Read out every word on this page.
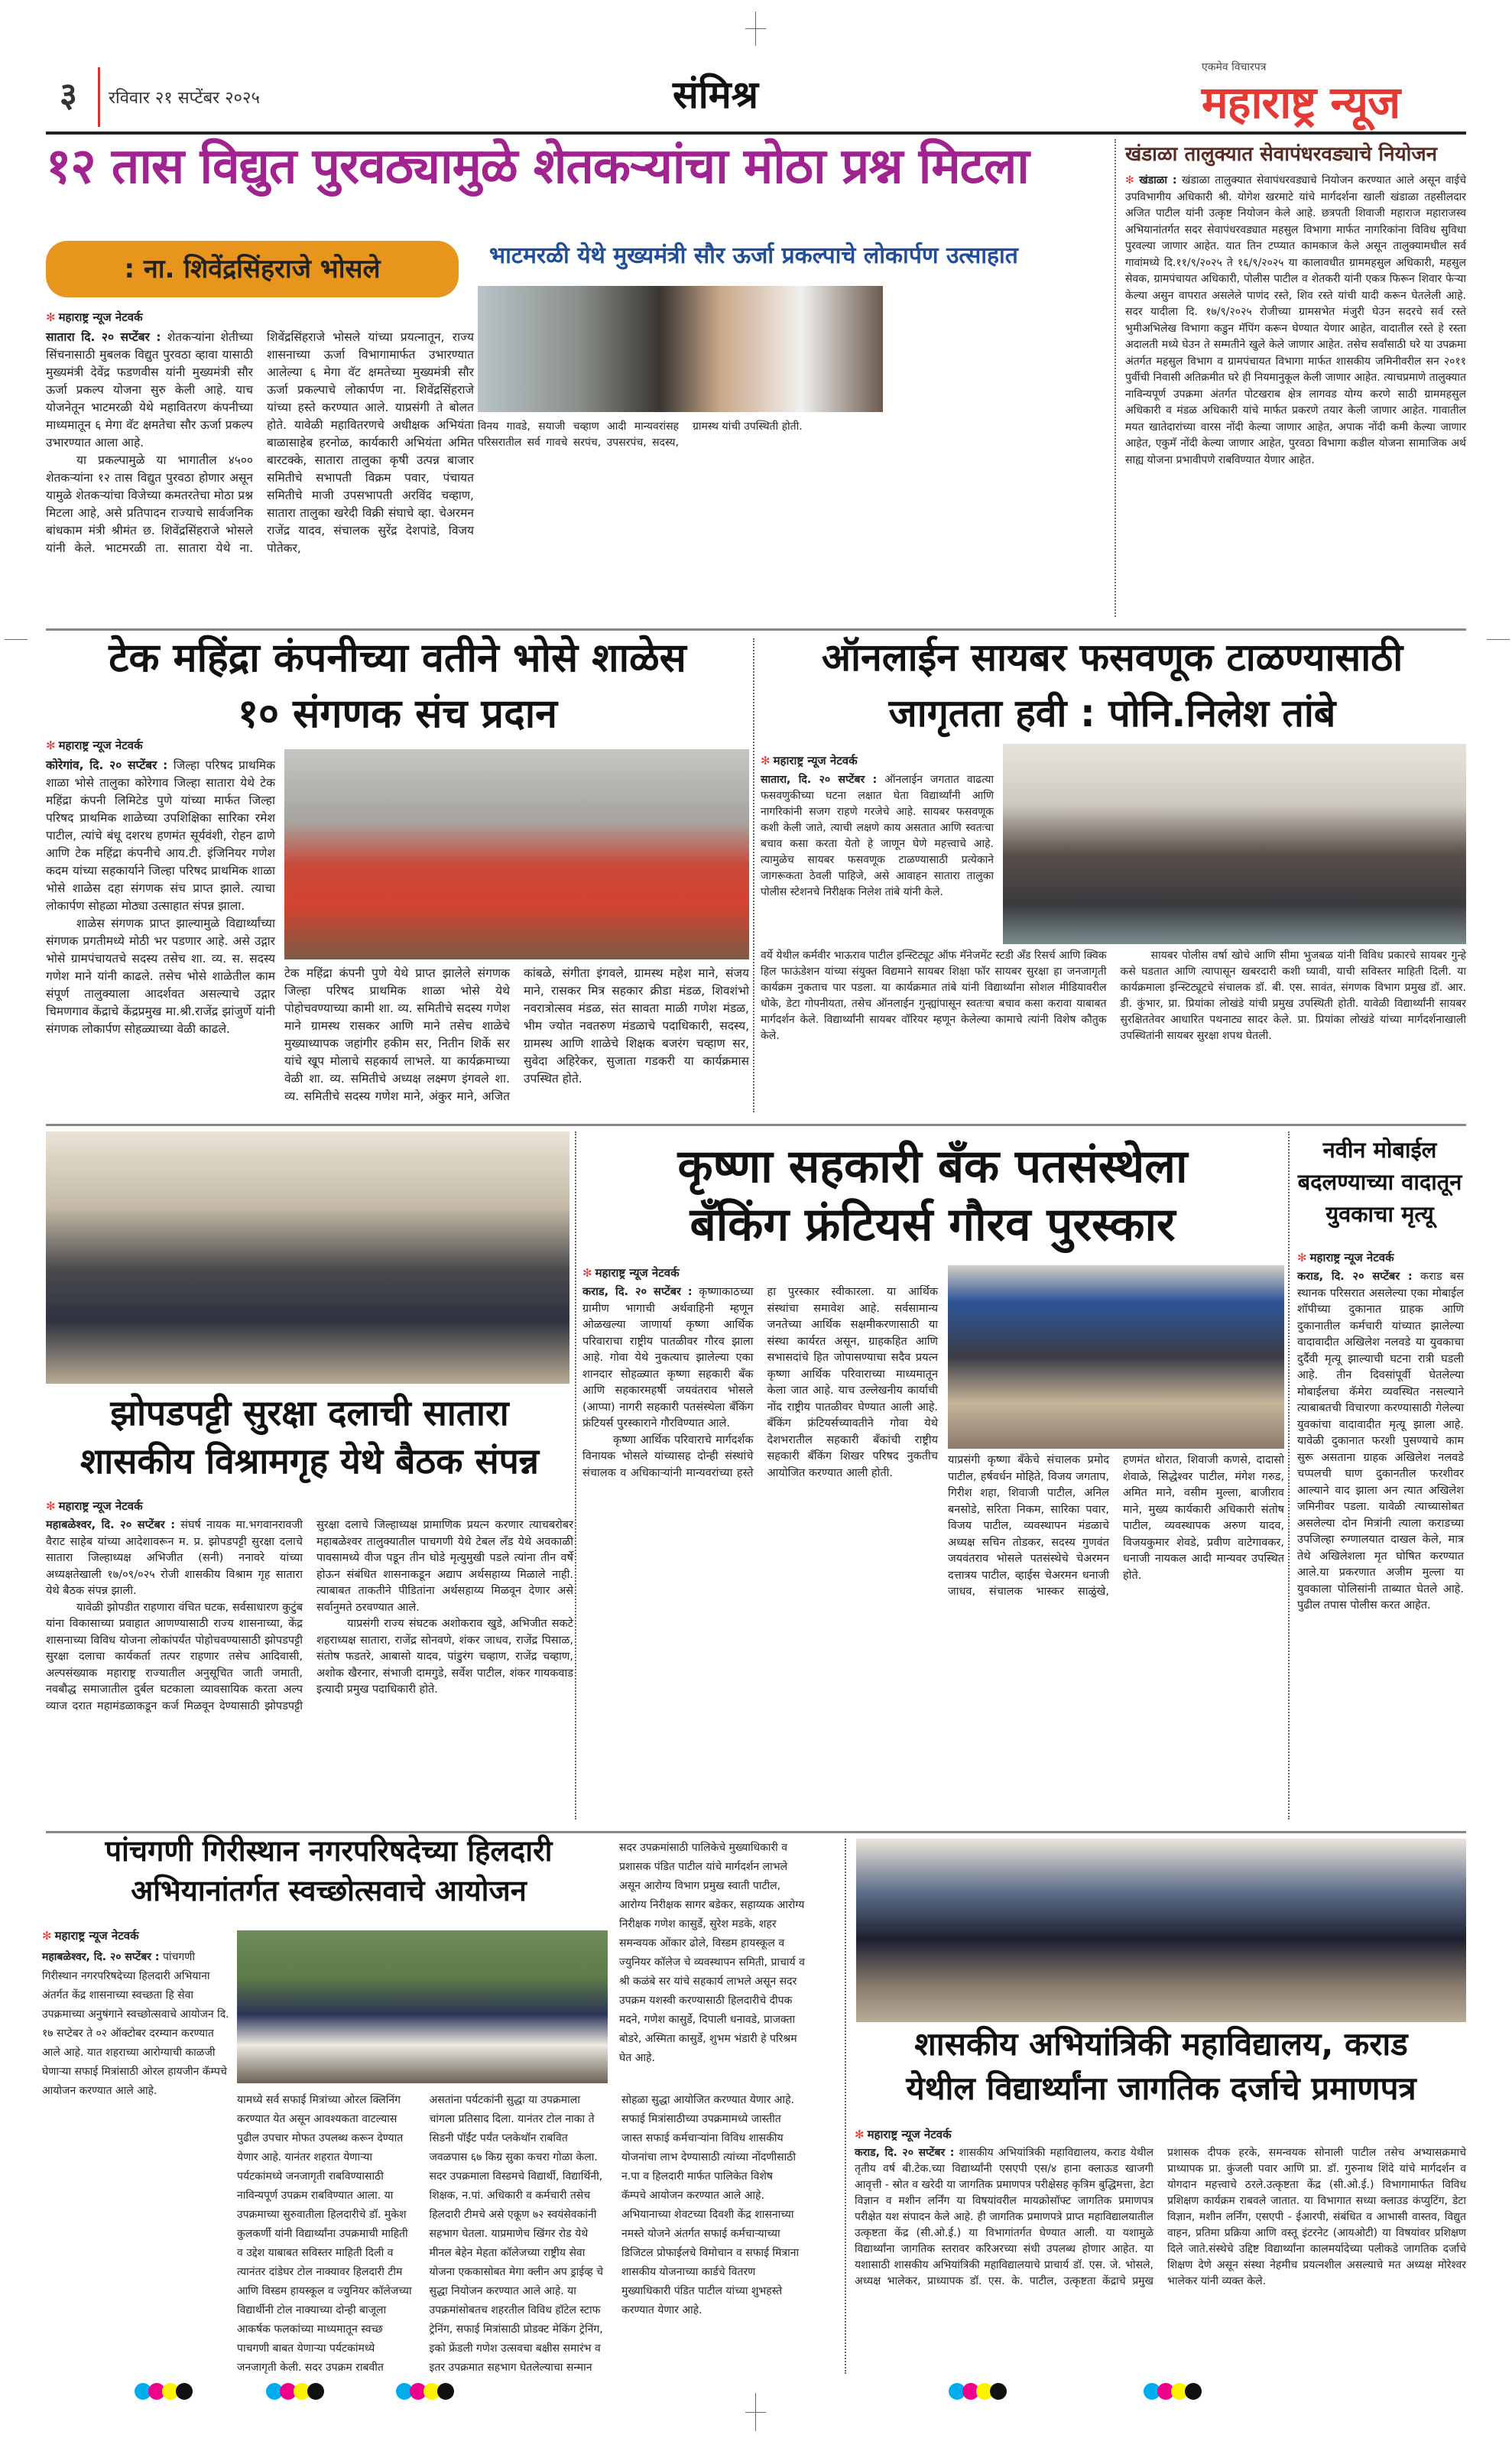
३ रविवार २१ सप्टेंबर २०२५	संमिश्र
एकमेव विचारपत्र
महाराष्ट्र न्यूज
१२ तास विद्युत पुरवठ्यामुळे शेतकऱ्यांचा मोठा प्रश्न मिटला
: ना. शिवेंद्रसिंहराजे भोसले	भाटमरळी येथे मुख्यमंत्री सौर ऊर्जा प्रकल्पाचे लोकार्पण उत्साहात
✻ महाराष्ट्र न्यूज नेटवर्क

सातारा दि. २० सप्टेंबर : शेतकऱ्यांना शेतीच्या सिंचनासाठी मुबलक विद्युत पुरवठा व्हावा यासाठी मुख्यमंत्री देवेंद्र फडणवीस यांनी मुख्यमंत्री सौर ऊर्जा प्रकल्प योजना सुरु केली आहे. याच योजनेतून भाटमरळी येथे महावितरण कंपनीच्या माध्यमातून ६ मेगा वॅट क्षमतेचा सौर ऊर्जा प्रकल्प उभारण्यात आला आहे.

या प्रकल्पामुळे या भागातील ४५०० शेतकऱ्यांना १२ तास विद्युत पुरवठा होणार असून यामुळे शेतकऱ्यांचा विजेच्या कमतरतेचा मोठा प्रश्न मिटला आहे, असे प्रतिपादन राज्याचे सार्वजनिक बांधकाम मंत्री श्रीमंत छ. शिवेंद्रसिंहराजे भोसले यांनी केले. भाटमरळी ता. सातारा येथे ना. शिवेंद्रसिंहराजे भोसले यांच्या प्रयत्नातून, राज्य शासनाच्या ऊर्जा विभागामार्फत उभारण्यात आलेल्या ६ मेगा वॅट क्षमतेच्या मुख्यमंत्री सौर ऊर्जा प्रकल्पाचे लोकार्पण ना. शिवेंद्रसिंहराजे यांच्या हस्ते करण्यात आले. याप्रसंगी ते बोलत होते. यावेळी महावितरणचे अधीक्षक अभियंता बाळासाहेब हरनोळ, कार्यकारी अभियंता अमित बारटक्के, सातारा तालुका कृषी उत्पन्न बाजार समितीचे सभापती विक्रम पवार, पंचायत समितीचे माजी उपसभापती अरविंद चव्हाण, सातारा तालुका खरेदी विक्री संघाचे व्हा. चेअरमन राजेंद्र यादव, संचालक सुरेंद्र देशपांडे, विजय पोतेकर,

विनय गावडे, सयाजी चव्हाण आदी मान्यवरांसह परिसरातील सर्व गावचे सरपंच, उपसरपंच, सदस्य, ग्रामस्थ यांची उपस्थिती होती.

खंडाळा तालुक्यात सेवापंधरवड्याचे नियोजन

✻ खंडाळा : खंडाळा तालुक्यात सेवापंधरवड्याचे नियोजन करण्यात आले असून वाईचे उपविभागीय अधिकारी श्री. योगेश खरमाटे यांचे मार्गदर्शना खाली खंडाळा तहसीलदार अजित पाटील यांनी उत्कृष्ट नियोजन केले आहे. छत्रपती शिवाजी महाराज महाराजस्व अभियानांतर्गत सदर सेवापंधरवड्यात महसुल विभागा मार्फत नागरिकांना विविध सुविधा पुरवल्या जाणार आहेत. यात तिन टप्प्यात कामकाज केले असून तालुक्यामधील सर्व गावांमध्ये दि.११/९/२०२५ ते १६/९/२०२५ या कालावधीत ग्राममहसुल अधिकारी, महसुल सेवक, ग्रामपंचायत अधिकारी, पोलीस पाटील व शेतकरी यांनी एकत्र फिरून शिवार फेऱ्या केल्या असुन वापरात असलेले पाणंद रस्ते, शिव रस्ते यांची यादी करून घेतलेली आहे. सदर यादीला दि. १७/९/२०२५ रोजीच्या ग्रामसभेत मंजुरी घेउन सदरचे सर्व रस्ते भुमीअभिलेख विभागा कडुन मॅपिंग करून घेण्यात येणार आहेत, वादातील रस्ते हे रस्ता अदालती मध्ये घेउन ते सम्मतीने खुले केले जाणार आहेत. तसेच सर्वांसाठी घरे या उपक्रमा अंतर्गत महसुल विभाग व ग्रामपंचायत विभागा मार्फत शासकीय जमिनीवरील सन २०११ पुर्वीची निवासी अतिक्रमीत घरे ही नियमानुकूल केली जाणार आहेत. त्याचप्रमाणे तालुक्यात नाविन्यपूर्ण उपक्रमा अंतर्गत पोटखराब क्षेत्र लागवड योग्य करणे साठी ग्राममहसुल अधिकारी व मंडळ अधिकारी यांचे मार्फत प्रकरणे तयार केली जाणार आहेत. गावातील मयत खातेदारांच्या वारस नोंदी केल्या जाणार आहेत, अपाक नोंदी कमी केल्या जाणार आहेत, एकुमॅ नोंदी केल्या जाणार आहेत, पुरवठा विभागा कडील योजना सामाजिक अर्थ साह्य योजना प्रभावीपणे राबविण्यात येणार आहेत.

टेक महिंद्रा कंपनीच्या वतीने भोसे शाळेस
१० संगणक संच प्रदान
✻ महाराष्ट्र न्यूज नेटवर्क

कोरेगांव, दि. २० सप्टेंबर : जिल्हा परिषद प्राथमिक शाळा भोसे तालुका कोरेगाव जिल्हा सातारा येथे टेक महिंद्रा कंपनी लिमिटेड पुणे यांच्या मार्फत जिल्हा परिषद प्राथमिक शाळेच्या उपशिक्षिका सारिका रमेश पाटील, त्यांचे बंधू दशरथ हणमंत सूर्यवंशी, रोहन ढाणे आणि टेक महिंद्रा कंपनीचे आय.टी. इंजिनियर गणेश कदम यांच्या सहकार्याने जिल्हा परिषद प्राथमिक शाळा भोसे शाळेस दहा संगणक संच प्राप्त झाले. त्याचा लोकार्पण सोहळा मोठ्या उत्साहात संपन्न झाला.

शाळेस संगणक प्राप्त झाल्यामुळे विद्यार्थ्यांच्या संगणक प्रगतीमध्ये मोठी भर पडणार आहे. असे उद्गार भोसे ग्रामपंचायतचे सदस्य तसेच शा. व्य. स. सदस्य गणेश माने यांनी काढले. तसेच भोसे शाळेतील काम संपूर्ण तालुक्याला आदर्शवत असल्याचे उद्गार चिमणगाव केंद्राचे केंद्रप्रमुख मा.श्री.राजेंद्र झांजुर्णे यांनी संगणक लोकार्पण सोहळ्याच्या वेळी काढले.

टेक महिंद्रा कंपनी पुणे येथे प्राप्त झालेले संगणक जिल्हा परिषद प्राथमिक शाळा भोसे येथे पोहोचवण्याच्या कामी शा. व्य. समितीचे सदस्य गणेश माने ग्रामस्थ रासकर आणि माने तसेच शाळेचे मुख्याध्यापक जहांगीर हकीम सर, नितीन शिर्के सर यांचे खूप मोलाचे सहकार्य लाभले. या कार्यक्रमाच्या वेळी शा. व्य. समितीचे अध्यक्ष लक्ष्मण इंगवले शा. व्य. समितीचे सदस्य गणेश माने, अंकुर माने, अजित कांबळे, संगीता इंगवले, ग्रामस्थ महेश माने, संजय माने, रासकर मित्र सहकार क्रीडा मंडळ, शिवशंभो नवरात्रोत्सव मंडळ, संत सावता माळी गणेश मंडळ, भीम ज्योत नवतरुण मंडळाचे पदाधिकारी, सदस्य, ग्रामस्थ आणि शाळेचे शिक्षक बजरंग चव्हाण सर, सुवेदा अहिरेकर, सुजाता गडकरी या कार्यक्रमास उपस्थित होते.

ऑनलाईन सायबर फसवणूक टाळण्यासाठी
जागृतता हवी : पोनि.निलेश तांबे
✻ महाराष्ट्र न्यूज नेटवर्क

सातारा, दि. २० सप्टेंबर : ऑनलाईन जगतात वाढत्या फसवणुकीच्या घटना लक्षात घेता विद्यार्थ्यांनी आणि नागरिकांनी सजग राहणे गरजेचे आहे. सायबर फसवणूक कशी केली जाते, त्याची लक्षणे काय असतात आणि स्वतःचा बचाव कसा करता येतो हे जाणून घेणे महत्त्वाचे आहे. त्यामुळेच सायबर फसवणूक टाळण्यासाठी प्रत्येकाने जागरूकता ठेवली पाहिजे, असे आवाहन सातारा तालुका पोलीस स्टेशनचे निरीक्षक निलेश तांबे यांनी केले.

वर्ये येथील कर्मवीर भाऊराव पाटील इन्स्टिट्यूट ऑफ मॅनेजमेंट स्टडी अँड रिसर्च आणि क्विक हिल फाऊंडेशन यांच्या संयुक्त विद्यमाने सायबर शिक्षा फॉर सायबर सुरक्षा हा जनजागृती कार्यक्रम नुकताच पार पडला. या कार्यक्रमात तांबे यांनी विद्यार्थ्यांना सोशल मीडियावरील धोके, डेटा गोपनीयता, तसेच ऑनलाईन गुन्ह्यांपासून स्वतःचा बचाव कसा करावा याबाबत मार्गदर्शन केले. विद्यार्थ्यांनी सायबर वॉरियर म्हणून केलेल्या कामाचे त्यांनी विशेष कौतुक केले.

सायबर पोलीस वर्षा खोचे आणि सीमा भुजबळ यांनी विविध प्रकारचे सायबर गुन्हे कसे घडतात आणि त्यापासून खबरदारी कशी घ्यावी, याची सविस्तर माहिती दिली. या कार्यक्रमाला इन्स्टिट्यूटचे संचालक डॉ. बी. एस. सावंत, संगणक विभाग प्रमुख डॉ. आर. डी. कुंभार, प्रा. प्रियांका लोखंडे यांची प्रमुख उपस्थिती होती. यावेळी विद्यार्थ्यांनी सायबर सुरक्षिततेवर आधारित पथनाट्य सादर केले. प्रा. प्रियांका लोखंडे यांच्या मार्गदर्शनाखाली उपस्थितांनी सायबर सुरक्षा शपथ घेतली.

झोपडपट्टी सुरक्षा दलाची सातारा
शासकीय विश्रामगृह येथे बैठक संपन्न
✻ महाराष्ट्र न्यूज नेटवर्क

महाबळेश्वर, दि. २० सप्टेंबर : संघर्ष नायक मा.भगवानरावजी वैराट साहेब यांच्या आदेशावरून म. प्र. झोपडपट्टी सुरक्षा दलाचे सातारा जिल्हाध्यक्ष अभिजीत (सनी) ननावरे यांच्या अध्यक्षतेखाली १७/०९/०२५ रोजी शासकीय विश्राम गृह सातारा येथे बैठक संपन्न झाली.

यावेळी झोपडीत राहणारा वंचित घटक, सर्वसाधारण कुटुंब यांना विकासाच्या प्रवाहात आणण्यासाठी राज्य शासनाच्या, केंद्र शासनाच्या विविध योजना लोकांपर्यंत पोहोचवण्यासाठी झोपडपट्टी सुरक्षा दलाचा कार्यकर्ता तत्पर राहणार तसेच आदिवासी, अल्पसंख्याक महाराष्ट्र राज्यातील अनुसूचित जाती जमाती, नवबौद्ध समाजातील दुर्बल घटकाला व्यावसायिक करता अल्प व्याज दरात महामंडळाकडून कर्ज मिळवून देण्यासाठी झोपडपट्टी सुरक्षा दलाचे जिल्हाध्यक्ष प्रामाणिक प्रयत्न करणार त्याचबरोबर महाबळेश्वर तालुक्यातील पाचगणी येथे टेबल लँड येथे अवकाळी पावसामध्ये वीज पडून तीन घोडे मृत्युमुखी पडले त्यांना तीन वर्षे होऊन संबंधित शासनाकडून अद्याप अर्थसहाय्य मिळाले नाही. त्याबाबत ताकतीने पीडितांना अर्थसहाय्य मिळवून देणार असे सर्वानुमते ठरवण्यात आले.

याप्रसंगी राज्य संघटक अशोकराव खुडे, अभिजीत सकटे शहराध्यक्ष सातारा, राजेंद्र सोनवणे, शंकर जाधव, राजेंद्र पिसाळ, संतोष फडतरे, आबासो यादव, पांडुरंग चव्हाण, राजेंद्र चव्हाण, अशोक खैरनार, संभाजी दामगुडे, सर्वेश पाटील, शंकर गायकवाड इत्यादी प्रमुख पदाधिकारी होते.

कृष्णा सहकारी बँक पतसंस्थेला
बँकिंग फ्रंटियर्स गौरव पुरस्कार
✻ महाराष्ट्र न्यूज नेटवर्क

कराड, दि. २० सप्टेंबर : कृष्णाकाठच्या ग्रामीण भागाची अर्थवाहिनी म्हणून ओळखल्या जाणार्या कृष्णा आर्थिक परिवाराचा राष्ट्रीय पातळीवर गौरव झाला आहे. गोवा येथे नुकत्याच झालेल्या एका शानदार सोहळ्यात कृष्णा सहकारी बँक आणि सहकारमहर्षी जयवंतराव भोसले (आप्पा) नागरी सहकारी पतसंस्थेला बँकिंग फ्रंटियर्स पुरस्काराने गौरविण्यात आले.

कृष्णा आर्थिक परिवाराचे मार्गदर्शक विनायक भोसले यांच्यासह दोन्ही संस्थांचे संचालक व अधिकाऱ्यांनी मान्यवरांच्या हस्ते हा पुरस्कार स्वीकारला. या आर्थिक संस्थांचा समावेश आहे. सर्वसामान्य जनतेच्या आर्थिक सक्षमीकरणासाठी या संस्था कार्यरत असून, ग्राहकहित आणि सभासदांचे हित जोपासण्याचा सदैव प्रयत्न कृष्णा आर्थिक परिवाराच्या माध्यमातून केला जात आहे. याच उल्लेखनीय कार्याची नोंद राष्ट्रीय पातळीवर घेण्यात आली आहे. बँकिंग फ्रंटियर्सच्यावतीने गोवा येथे देशभरातील सहकारी बँकांची राष्ट्रीय सहकारी बँकिंग शिखर परिषद नुकतीच आयोजित करण्यात आली होती.

याप्रसंगी कृष्णा बँकेचे संचालक प्रमोद पाटील, हर्षवर्धन मोहिते, विजय जगताप, गिरीश शहा, शिवाजी पाटील, अनिल बनसोडे, सरिता निकम, सारिका पवार, विजय पाटील, व्यवस्थापन मंडळाचे अध्यक्ष सचिन तोडकर, सदस्य गुणवंत जयवंतराव भोसले पतसंस्थेचे चेअरमन दत्तात्रय पाटील, व्हाईस चेअरमन धनाजी जाधव, संचालक भास्कर साळुंखे, हणमंत थोरात, शिवाजी कणसे, दादासो शेवाळे, सिद्धेश्वर पाटील, मंगेश गरुड, अमित माने, वसीम मुल्ला, बाजीराव माने, मुख्य कार्यकारी अधिकारी संतोष पाटील, व्यवस्थापक अरुण यादव, विजयकुमार शेवडे, प्रवीण वाटेगावकर, धनाजी नायकल आदी मान्यवर उपस्थित होते.

नवीन मोबाईल
बदलण्याच्या वादातून
युवकाचा मृत्यू
✻ महाराष्ट्र न्यूज नेटवर्क

कराड, दि. २० सप्टेंबर : कराड बस स्थानक परिसरात असलेल्या एका मोबाईल शॉपीच्या दुकानात ग्राहक आणि दुकानातील कर्मचारी यांच्यात झालेल्या वादावादीत अखिलेश नलवडे या युवकाचा दुर्दैवी मृत्यू झाल्याची घटना रात्री घडली आहे. तीन दिवसांपूर्वी घेतलेल्या मोबाईलचा कॅमेरा व्यवस्थित नसल्याने त्याबाबतची विचारणा करण्यासाठी गेलेल्या युवकांचा वादावादीत मृत्यू झाला आहे. यावेळी दुकानात फरशी पुसण्याचे काम सुरू असताना ग्राहक अखिलेश नलवडे चप्पलची घाण दुकानतील फरशीवर आल्याने वाद झाला अन त्यात अखिलेश जमिनीवर पडला. यावेळी त्याच्यासोबत असलेल्या दोन मित्रांनी त्याला कराडच्या उपजिल्हा रुग्णालयात दाखल केले, मात्र तेथे अखिलेशला मृत घोषित करण्यात आले.या प्रकरणात अजीम मुल्ला या युवकाला पोलिसांनी ताब्यात घेतले आहे. पुढील तपास पोलीस करत आहेत.

पांचगणी गिरीस्थान नगरपरिषदेच्या हिलदारी
अभियानांतर्गत स्वच्छोत्सवाचे आयोजन
✻ महाराष्ट्र न्यूज नेटवर्क

महाबळेश्वर, दि. २० सप्टेंबर : पांचगणी गिरीस्थान नगरपरिषदेच्या हिलदारी अभियाना अंतर्गत केंद्र शासनाच्या स्वच्छता हि सेवा उपक्रमाच्या अनुषंगाने स्वच्छोत्सवाचे आयोजन दि. १७ सप्टेबर ते ०२ ऑक्टोबर दरम्यान करण्यात आले आहे. यात शहराच्या आरोग्याची काळजी घेणाऱ्या सफाई मित्रांसाठी ओरल हायजीन कॅम्पचे आयोजन करण्यात आले आहे.

यामध्ये सर्व सफाई मित्रांच्या ओरल क्लिनिंग करण्यात येत असून आवश्यकता वाटल्यास पुढील उपचार मोफत उपलब्ध करून देण्यात येणार आहे. यानंतर शहरात येणाऱ्या पर्यटकांमध्ये जनजागृती राबविण्यासाठी नाविन्यपूर्ण उपक्रम राबविण्यात आला. या उपक्रमाच्या सुरुवातीला हिलदारीचे डॉ. मुकेश कुलकर्णी यांनी विद्यार्थ्यांना उपक्रमाची माहिती व उद्देश याबाबत सविस्तर माहिती दिली व त्यानंतर दांडेघर टोल नाक्यावर हिलदारी टीम आणि विस्डम हायस्कूल व ज्युनियर कॉलेजच्या विद्यार्थीनी टोल नाक्याच्या दोन्ही बाजूला आकर्षक फलकांच्या माध्यमातून स्वच्छ पाचगणी बाबत येणाऱ्या पर्यटकांमध्ये जनजागृती केली. सदर उपक्रम राबवीत असतांना पर्यटकांनी सुद्धा या उपक्रमाला चांगला प्रतिसाद दिला. यानंतर टोल नाका ते सिडनी पॉईंट पर्यंत प्लकेथॉन राबवित जवळपास ६७ किग्र सुका कचरा गोळा केला. सदर उपक्रमाला विस्डमचे विद्यार्थी, विद्यार्थिनी, शिक्षक, न.पां. अधिकारी व कर्मचारी तसेच हिलदारी टीमचे असे एकूण ७२ स्वयंसेवकांनी सहभाग घेतला. याप्रमाणेच खिंगर रोड येथे मीनल बेहेन मेहता कॉलेजच्या राष्ट्रीय सेवा योजना एककासोबत मेगा क्लीन अप ड्राईव्ह चे सुद्धा नियोजन करण्यात आले आहे. या उपक्रमांसोबतच शहरतील विविध हॉटेल स्टाफ ट्रेनिंग, सफाई मित्रांसाठी प्रोडक्ट मेकिंग ट्रेनिंग, इको फ्रेंडली गणेश उत्सवचा बक्षीस समारंभ व इतर उपक्रमात सहभाग घेतलेल्याचा सन्मान सोहळा सुद्धा आयोजित करण्यात येणार आहे. सफाई मित्रांसाठीच्या उपक्रमामध्ये जास्तीत जास्त सफाई कर्मचाऱ्यांना विविध शासकीय योजनांचा लाभ देण्यासाठी त्यांच्या नोंदणीसाठी न.पा व हिलदारी मार्फत पालिकेत विशेष कॅम्पचे आयोजन करण्यात आले आहे. अभियानाच्या शेवटच्या दिवशी केंद्र शासनाच्या नमस्ते योजने अंतर्गत सफाई कर्मचाऱ्याच्या डिजिटल प्रोफाईलचे विमोचान व सफाई मित्राना शासकीय योजनाच्या कार्डचे वितरण मुख्याधिकारी पंडित पाटील यांच्या शुभहस्ते करण्यात येणार आहे.

सदर उपक्रमांसाठी पालिकेचे मुख्याधिकारी व प्रशासक पंडित पाटील यांचे मार्गदर्शन लाभले असून आरोग्य विभाग प्रमुख स्वाती पाटील, आरोग्य निरीक्षक सागर बडेकर, सहाय्यक आरोग्य निरीक्षक गणेश कासुर्डे, सुरेश मडके, शहर समन्वयक ओंकार ढोले, विस्डम हायस्कूल व ज्युनियर कॉलेज चे व्यवस्थापन समिती, प्राचार्य व श्री कळंबे सर यांचे सहकार्य लाभले असून सदर उपक्रम यशस्वी करण्यासाठी हिलदारीचे दीपक मदने, गणेश कासुर्डे, दिपाली धनावडे, प्राजक्ता बोडरे, अस्मिता कासुर्डे, शुभम भंडारी हे परिश्रम घेत आहे.	शासकीय अभियांत्रिकी महाविद्यालय, कराड
येथील विद्यार्थ्यांना जागतिक दर्जाचे प्रमाणपत्र
✻ महाराष्ट्र न्यूज नेटवर्क

कराड, दि. २० सप्टेंबर : शासकीय अभियांत्रिकी महाविद्यालय, कराड येथील तृतीय वर्ष बी.टेक.च्या विद्यार्थ्यांनी एसएपी एस/४ हाना क्लाऊड खाजगी आवृत्ती - स्रोत व खरेदी या जागतिक प्रमाणपत्र परीक्षेसह कृत्रिम बुद्धिमत्ता, डेटा विज्ञान व मशीन लर्निंग या विषयांवरील मायक्रोसॉफ्ट जागतिक प्रमाणपत्र परीक्षेत यश संपादन केले आहे. ही जागतिक प्रमाणपत्रे प्राप्त महाविद्यालयातील उत्कृष्टता केंद्र (सी.ओ.ई.) या विभागांतर्गत घेण्यात आली. या यशामुळे विद्यार्थ्यांना जागतिक स्तरावर करिअरच्या संधी उपलब्ध होणार आहेत. या यशासाठी शासकीय अभियांत्रिकी महाविद्यालयाचे प्राचार्य डॉ. एस. जे. भोसले, अध्यक्ष भालेकर, प्राध्यापक डॉ. एस. के. पाटील, उत्कृष्टता केंद्राचे प्रमुख प्रशासक दीपक हरके, समन्वयक सोनाली पाटील तसेच अभ्यासक्रमाचे प्राध्यापक प्रा. कुंजली पवार आणि प्रा. डॉ. गुरुनाथ शिंदे यांचे मार्गदर्शन व योगदान महत्त्वाचे ठरले.उत्कृष्टता केंद्र (सी.ओ.ई.) विभागामार्फत विविध प्रशिक्षण कार्यक्रम राबवले जातात. या विभागात सध्या क्लाउड कंप्युटिंग, डेटा विज्ञान, मशीन लर्निंग, एसएपी - ईआरपी, संबंधित व आभासी वास्तव, विद्युत वाहन, प्रतिमा प्रक्रिया आणि वस्तू इंटरनेट (आयओटी) या विषयांवर प्रशिक्षण दिले जाते.संस्थेचे उद्दिष्ट विद्यार्थ्यांना कालमर्यादेच्या पलीकडे जागतिक दर्जाचे शिक्षण देणे असून संस्था नेहमीच प्रयत्नशील असल्याचे मत अध्यक्ष मोरेश्वर भालेकर यांनी व्यक्त केले.
